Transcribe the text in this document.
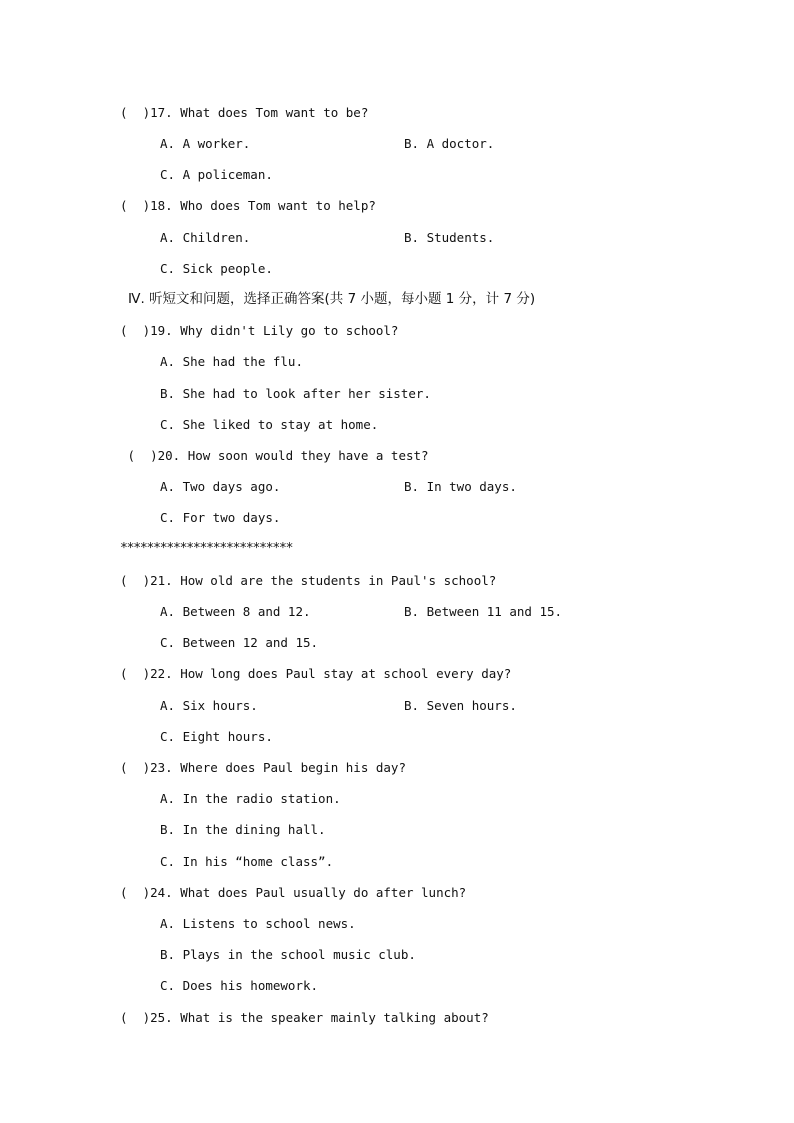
(  )17. What does Tom want to be?
A. A worker.	B. A doctor.
C. A policeman.
(  )18. Who does Tom want to help?
A. Children.	B. Students.
C. Sick people.
Ⅳ. 听短文和问题，选择正确答案(共 7 小题，每小题 1 分，计 7 分)
(  )19. Why didn't Lily go to school?
A. She had the flu.
B. She had to look after her sister.
C. She liked to stay at home.
(  )20. How soon would they have a test?
A. Two days ago.	B. In two days.
C. For two days.
**************************
(  )21. How old are the students in Paul's school?
A. Between 8 and 12.	B. Between 11 and 15.
C. Between 12 and 15.
(  )22. How long does Paul stay at school every day?
A. Six hours.	B. Seven hours.
C. Eight hours.
(  )23. Where does Paul begin his day?
A. In the radio station.
B. In the dining hall.
C. In his “home class”.
(  )24. What does Paul usually do after lunch?
A. Listens to school news.
B. Plays in the school music club.
C. Does his homework.
(  )25. What is the speaker mainly talking about?
